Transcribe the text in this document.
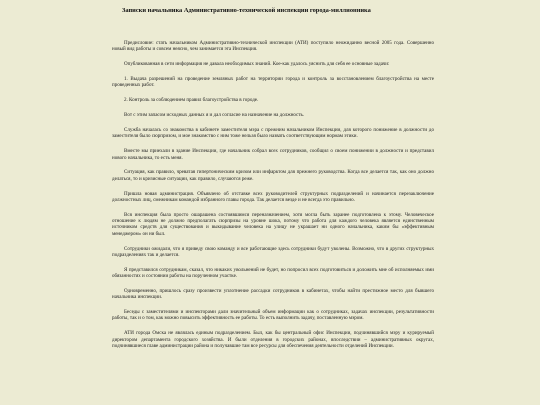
Записки начальника Административно-технической инспекции города-миллионника

Предисловие: стать начальником Административно-технической инспекции (АТИ) поступило неожиданно весной 2005 года. Совершенно новый вид работы и совсем неясно, чем занимается эта Инспекция.

Опубликованная в сети информация не давала необходимых знаний. Кое-как удалось уяснить для себя ее основные задачи:

1. Выдача разрешений на проведение земляных работ на территории города и контроль за восстановлением благоустройства на месте проведенных работ.

2. Контроль за соблюдением правил благоустройства в городе.

Вот с этим запасом исходных данных я и дал согласие на назначение на должность.

Служба началась со знакомства в кабинете заместителя мэра с прежним начальником Инспекции, для которого понижение в должности до заместителя было сюрпризом, и мое знакомство с ним тоже нельзя было назвать соответствующим нормам этики.

Вместе мы приехали в здание Инспекции, где начальник собрал всех сотрудников, сообщил о своем понижении в должности и представил нового начальника, то есть меня.

Ситуация, как правило, чреватая гипертоническим кризом или инфарктом для прежнего руководства. Когда все делается так, как оно должно делаться, то и кризисные ситуации, как правило, случаются реже.

Пришла новая администрация. Объявлено об отставке всех руководителей структурных подразделений и начинается перезаключение должностных лиц, смежникам командой избранного главы города. Так делается везде и не всегда это правильно.

Вся инспекция была просто ошарашена состоявшимся переназначением, хотя могла быть заранее подготовлена к этому. Человеческое отношение к людям не должно предполагать сюрпризы на уровне шока, потому что работа для каждого человека является единственным источником средств для существования и выкидывание человека на улицу не украшает ни одного начальника, каким бы «эффективным менеджером» он ни был.

Сотрудники ожидали, что я приведу свою команду и все работающие здесь сотрудники будут уволены. Возможно, что в других структурных подразделениях так и делается.

Я представился сотрудникам, сказал, что никаких увольнений не будет, но попросил всех подготовиться и доложить мне об исполняемых ими обязанностях и состоянии работы на порученном участке.

Одновременно, пришлось сразу произвести уплотнение рассадки сотрудников в кабинетах, чтобы найти престижное место для бывшего начальника инспекции.

Беседы с заместителями и инспекторами дали значительный объем информации как о сотрудниках, задачах инспекции, результативности работы, так и о том, как можно повысить эффективность ее работы. То есть выполнить задачу, поставленную мэром.

АТИ города Омска не являлась единым подразделением. Был, как бы центральный офис Инспекции, подчинявшийся мэру и курируемый директором департамента городского хозяйства. И были отделения в городских районах, впоследствии – административных округах, подчинявшиеся главе администрации района и получавшие там все ресурсы для обеспечения деятельности отделений Инспекции.
